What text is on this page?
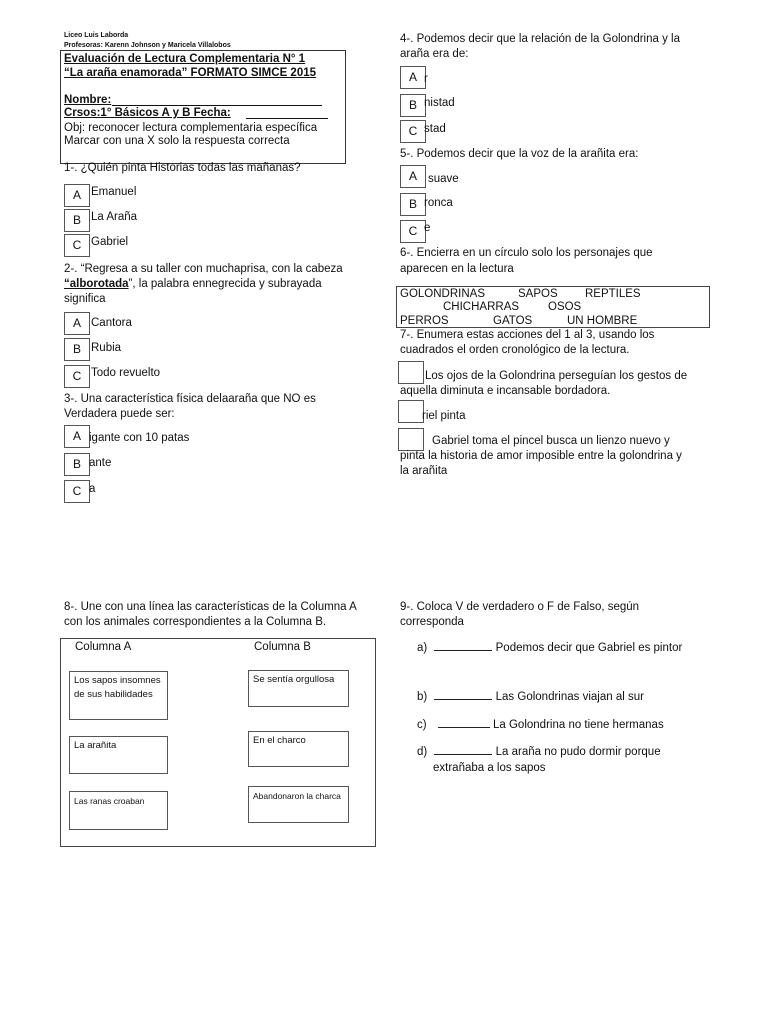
Liceo Luis Laborda
Profesoras: Karenn Johnson y Maricela Villalobos
Evaluación de Lectura Complementaria N° 1
“La araña enamorada” FORMATO SIMCE 2015
Nombre:
Crsos:1° Básicos A y B Fecha:
Obj: reconocer lectura complementaria específica
Marcar con una X solo la respuesta correcta
1-. ¿Quién pinta Historias todas las mañanas?
A Emanuel
B La Araña
C Gabriel
2-. “Regresa a su taller con muchaprisa, con la cabeza
“alborotada”, la palabra ennegrecida y subrayada
significa
A Cantora
B Rubia
C Todo revuelto
3-. Una característica física delaaraña que NO es
Verdadera puede ser:
A igante con 10 patas
B ante
C a
4-. Podemos decir que la relación de la Golondrina y la
araña era de:
A r
B nistad
C stad
5-. Podemos decir que la voz de la arañita era:
A suave
B ronca
C e
6-. Encierra en un círculo solo los personajes que
aparecen en la lectura
GOLONDRINAS	SAPOS REPTILES
CHICHARRAS	OSOS
PERROS	GATOS	UN HOMBRE
7-. Enumera estas acciones del 1 al 3, usando los
cuadrados el orden cronológico de la lectura.
Los ojos de la Golondrina perseguían los gestos de
aquella diminuta e incansable bordadora.
riel pinta
Gabriel toma el pincel busca un lienzo nuevo y
pinta la historia de amor imposible entre la golondrina y
la arañita
8-. Une con una línea las características de la Columna A
con los animales correspondientes a la Columna B.
Columna A	Columna B
Los sapos insomnes de sus habilidades
La arañita
Las ranas croaban
Se sentía orgullosa
En el charco
Abandonaron la charca
9-. Coloca V de verdadero o F de Falso, según
corresponda
a)	Podemos decir que Gabriel es pintor
b)	Las Golondrinas viajan al sur
c)	La Golondrina no tiene hermanas
d)	La araña no pudo dormir porque
extrañaba a los sapos
